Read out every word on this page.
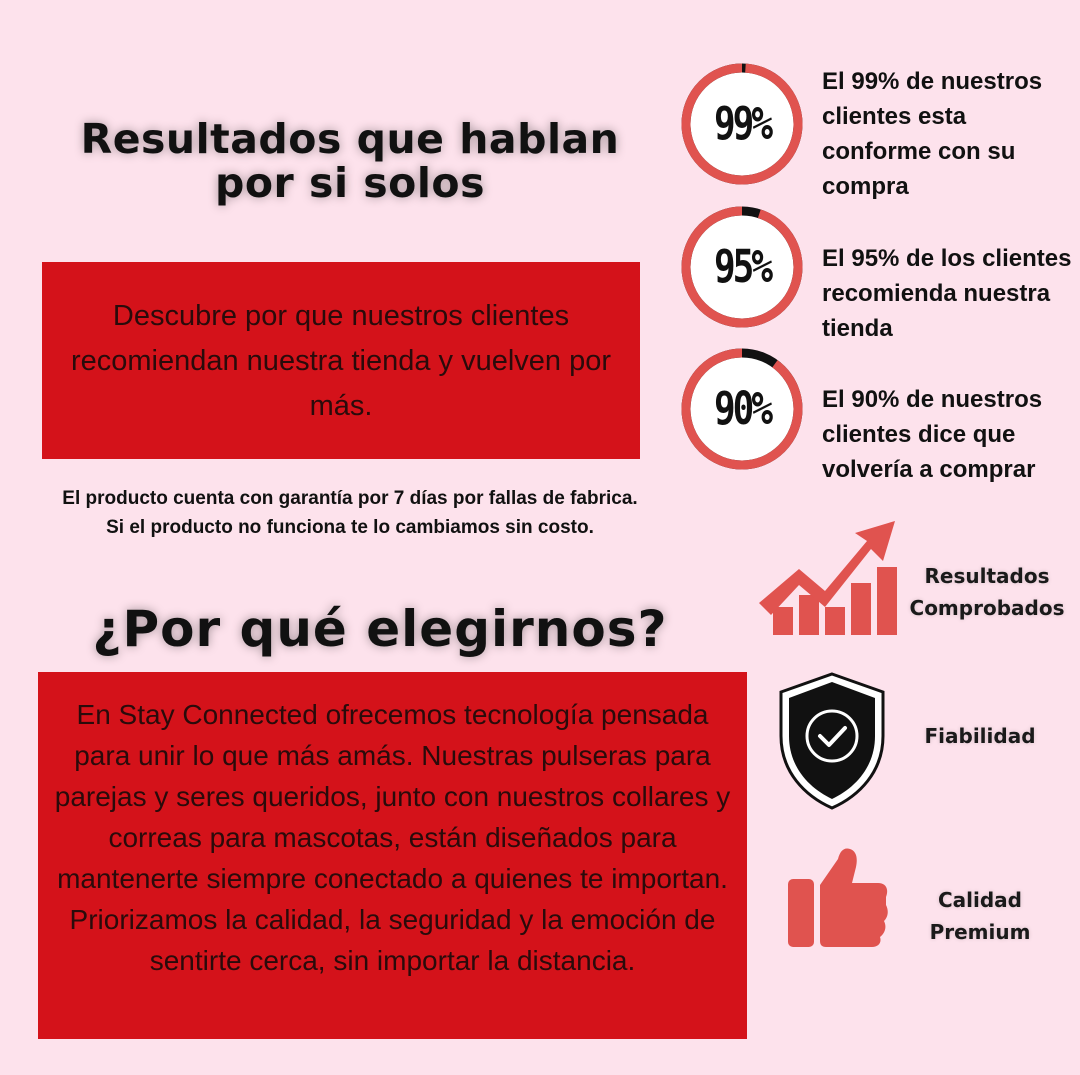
Resultados que hablan por si solos

Descubre por que nuestros clientes recomiendan nuestra tienda y vuelven por más.

El producto cuenta con garantía por 7 días por fallas de fabrica. Si el producto no funciona te lo cambiamos sin costo.

¿Por qué elegirnos?

En Stay Connected ofrecemos tecnología pensada para unir lo que más amás. Nuestras pulseras para parejas y seres queridos, junto con nuestros collares y correas para mascotas, están diseñados para mantenerte siempre conectado a quienes te importan. Priorizamos la calidad, la seguridad y la emoción de sentirte cerca, sin importar la distancia.

99%
95%
90%

El 99% de nuestros clientes esta conforme con su compra

El 95% de los clientes recomienda nuestra tienda

El 90% de nuestros clientes dice que volvería a comprar

Resultados
Comprobados
Fiabilidad
Calidad
Premium
